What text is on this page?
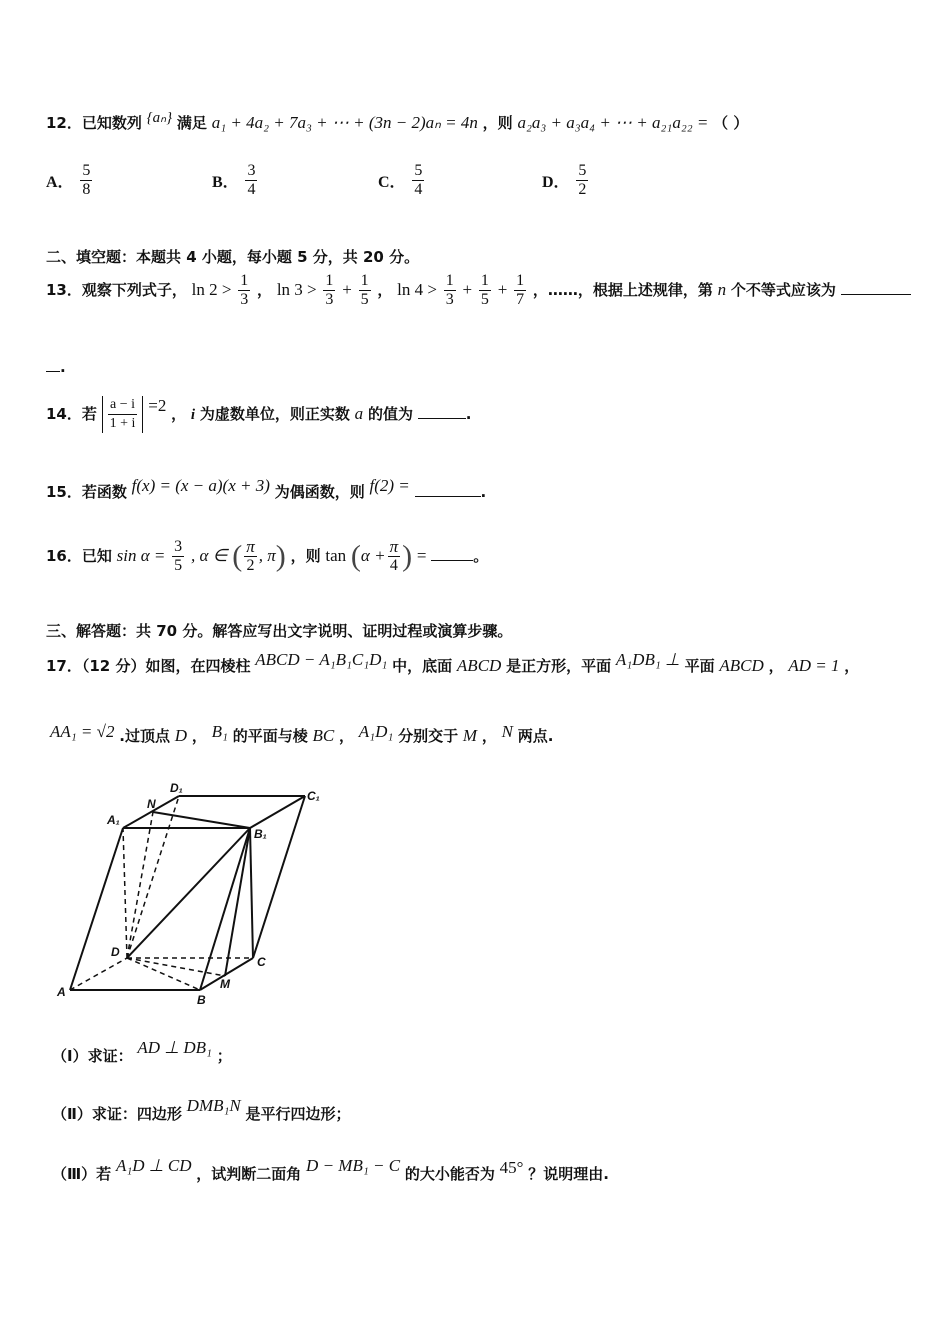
12．已知数列 {aₙ} 满足 a₁ + 4a₂ + 7a₃ + ⋯ + (3n − 2)aₙ = 4n ，则 a₂a₃ + a₃a₄ + ⋯ + a₂₁a₂₂ = （ ）
A． $\frac{5}{8}$	B． $\frac{3}{4}$	C． $\frac{5}{4}$	D． $\frac{5}{2}$
二、填空题：本题共 4 小题，每小题 5 分，共 20 分。
13．观察下列式子， $\ln 2 > \frac{1}{3}$ ， $\ln 3 > \frac{1}{3} + \frac{1}{5}$ ， $\ln 4 > \frac{1}{3} + \frac{1}{5} + \frac{1}{7}$ ，……，根据上述规律，第 n 个不等式应该为
.
14．若 $\frac{a - i}{1 + i} =2$ ， i 为虚数单位，则正实数 a 的值为	.
15．若函数 f(x) = (x − a)(x + 3) 为偶函数，则 f(2) =	.
16．已知 $\sin \alpha = \frac{3}{5}$ , α ∈ ( $\frac{\pi}{2}$ , π) ，则 $\tan (\alpha + \frac{\pi}{4}$ ) =	。
三、解答题：共 70 分。解答应写出文字说明、证明过程或演算步骤。
17．（12 分）如图，在四棱柱 ABCD − A₁B₁C₁D₁ 中，底面 ABCD 是正方形，平面 A₁DB₁ ⊥ 平面 ABCD ， AD = 1 ，
AA₁ = √2 .过顶点 D ， B₁ 的平面与棱 BC ， A₁D₁ 分别交于 M ， N 两点.
A
B
C
D
A₁
B₁
C₁
D₁
M
N
（Ⅰ）求证： AD ⊥ DB₁ ；
（Ⅱ）求证：四边形 DMB₁N 是平行四边形；
（Ⅲ）若 A₁D ⊥ CD ，试判断二面角 D − MB₁ − C 的大小能否为 45° ？说明理由.
